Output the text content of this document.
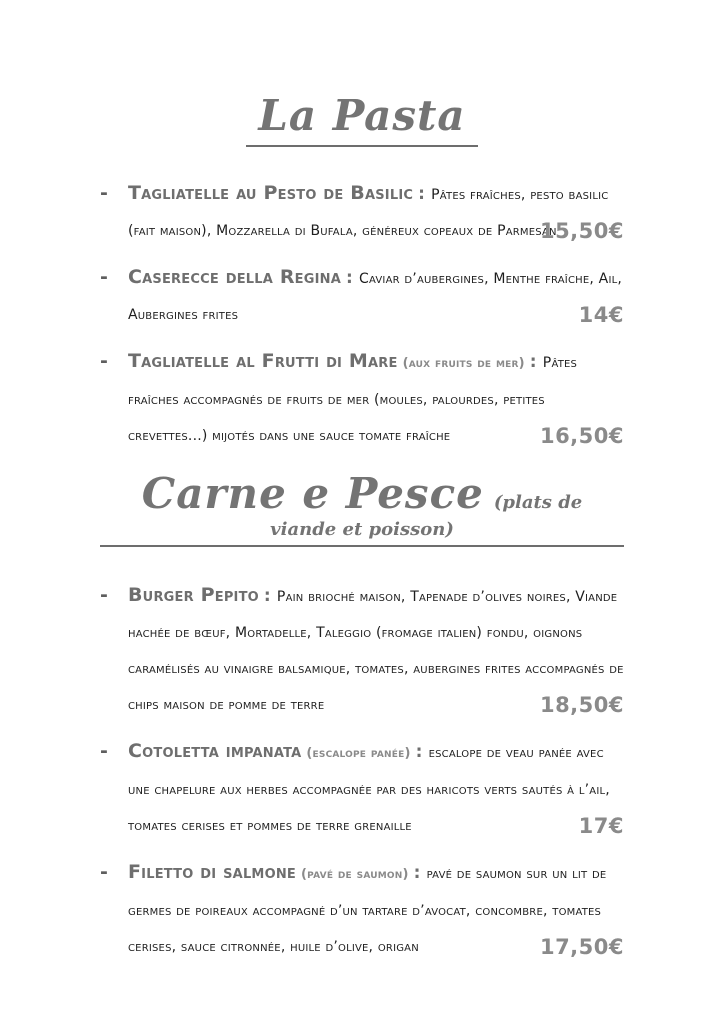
La Pasta
-	Tagliatelle au Pesto de Basilic : Pâtes fraîches, pesto basilic (fait maison), Mozzarella di Bufala, généreux copeaux de Parmesan
15,50€
-	Caserecce della Regina : Caviar d’aubergines, Menthe fraîche, Ail, Aubergines frites	14€
-	Tagliatelle al Frutti di Mare (aux fruits de mer) : Pâtes fraîches accompagnés de fruits de mer (moules, palourdes, petites crevettes...) mijotés dans une sauce tomate fraîche	16,50€
Carne e Pesce (plats de viande et poisson)
-	Burger Pepito : Pain brioché maison, Tapenade d’olives noires, Viande hachée de bœuf, Mortadelle, Taleggio (fromage italien) fondu, oignons caramélisés au vinaigre balsamique, tomates, aubergines frites accompagnés de chips maison de pomme de terre	18,50€
-	Cotoletta impanata (escalope panée) : escalope de veau panée avec une chapelure aux herbes accompagnée par des haricots verts sautés à l’ail, tomates cerises et pommes de terre grenaille	17€
-	Filetto di salmone (pavé de saumon) : pavé de saumon sur un lit de germes de poireaux accompagné d’un tartare d’avocat, concombre, tomates cerises, sauce citronnée, huile d’olive, origan	17,50€
